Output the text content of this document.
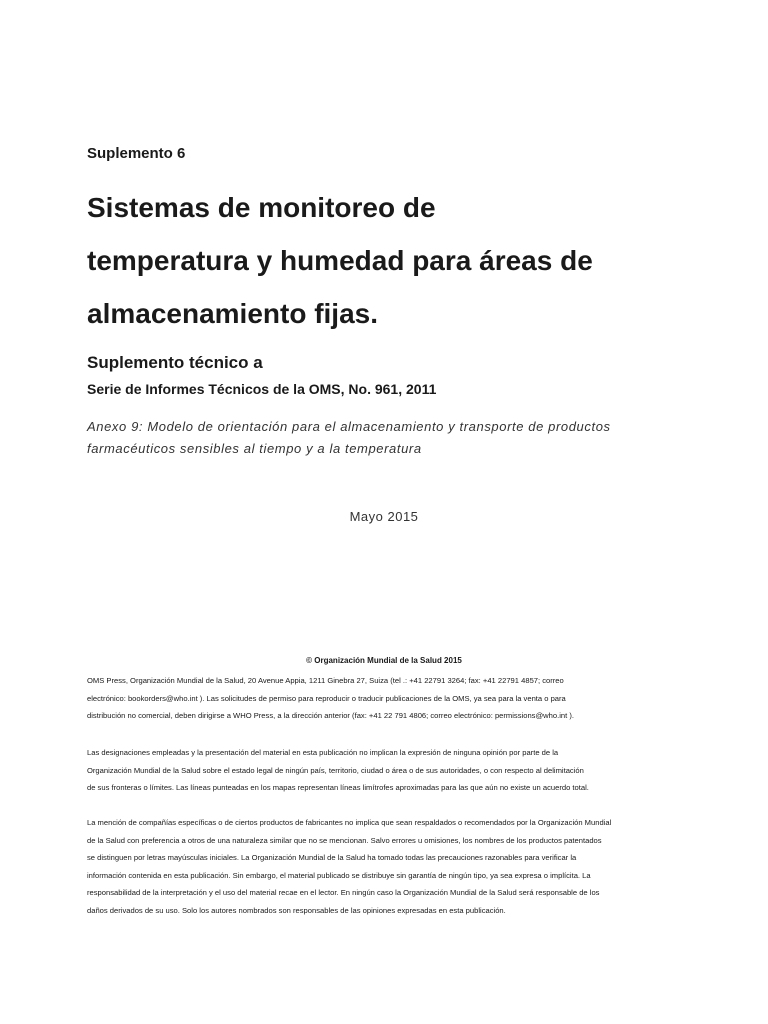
Suplemento 6
Sistemas de monitoreo de
temperatura y humedad para áreas de
almacenamiento fijas.
Suplemento técnico a
Serie de Informes Técnicos de la OMS, No. 961, 2011
Anexo 9: Modelo de orientación para el almacenamiento y transporte de productos
farmacéuticos sensibles al tiempo y a la temperatura
Mayo 2015
© Organización Mundial de la Salud 2015
OMS Press, Organización Mundial de la Salud, 20 Avenue Appia, 1211 Ginebra 27, Suiza (tel .: +41 22791 3264; fax: +41 22791 4857; correo
electrónico: bookorders@who.int ). Las solicitudes de permiso para reproducir o traducir publicaciones de la OMS, ya sea para la venta o para
distribución no comercial, deben dirigirse a WHO Press, a la dirección anterior (fax: +41 22 791 4806; correo electrónico: permissions@who.int ).
Las designaciones empleadas y la presentación del material en esta publicación no implican la expresión de ninguna opinión por parte de la
Organización Mundial de la Salud sobre el estado legal de ningún país, territorio, ciudad o área o de sus autoridades, o con respecto al delimitación
de sus fronteras o límites. Las líneas punteadas en los mapas representan líneas limítrofes aproximadas para las que aún no existe un acuerdo total.
La mención de compañías específicas o de ciertos productos de fabricantes no implica que sean respaldados o recomendados por la Organización Mundial
de la Salud con preferencia a otros de una naturaleza similar que no se mencionan. Salvo errores u omisiones, los nombres de los productos patentados
se distinguen por letras mayúsculas iniciales. La Organización Mundial de la Salud ha tomado todas las precauciones razonables para verificar la
información contenida en esta publicación. Sin embargo, el material publicado se distribuye sin garantía de ningún tipo, ya sea expresa o implícita. La
responsabilidad de la interpretación y el uso del material recae en el lector. En ningún caso la Organización Mundial de la Salud será responsable de los
daños derivados de su uso. Solo los autores nombrados son responsables de las opiniones expresadas en esta publicación.
